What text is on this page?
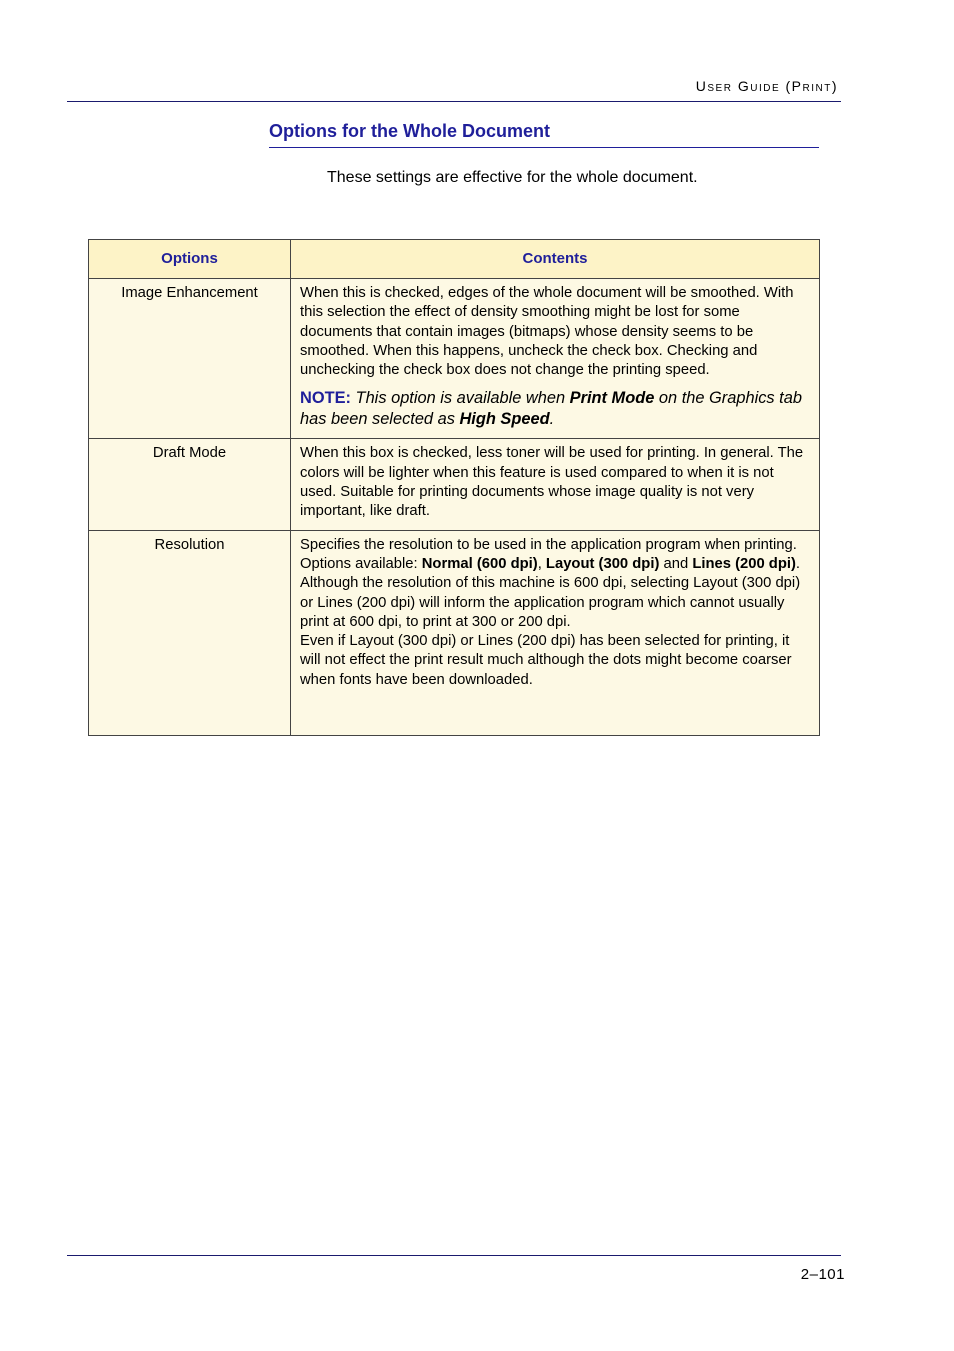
User Guide (Print)
Options for the Whole Document
These settings are effective for the whole document.
Options	Contents
Image Enhancement	When this is checked, edges of the whole document will be smoothed. With this selection the effect of density smoothing might be lost for some documents that contain images (bitmaps) whose density seems to be smoothed. When this happens, uncheck the check box. Checking and unchecking the check box does not change the printing speed.
NOTE: This option is available when Print Mode on the Graphics tab has been selected as High Speed.

Draft Mode	When this box is checked, less toner will be used for printing. In general. The colors will be lighter when this feature is used compared to when it is not used. Suitable for printing documents whose image quality is not very important, like draft.

Resolution	Specifies the resolution to be used in the application program when printing.
Options available: Normal (600 dpi), Layout (300 dpi) and Lines (200 dpi).
Although the resolution of this machine is 600 dpi, selecting Layout (300 dpi) or Lines (200 dpi) will inform the application program which cannot usually print at 600 dpi, to print at 300 or 200 dpi.
Even if Layout (300 dpi) or Lines (200 dpi) has been selected for printing, it will not effect the print result much although the dots might become coarser when fonts have been downloaded.
2–101
